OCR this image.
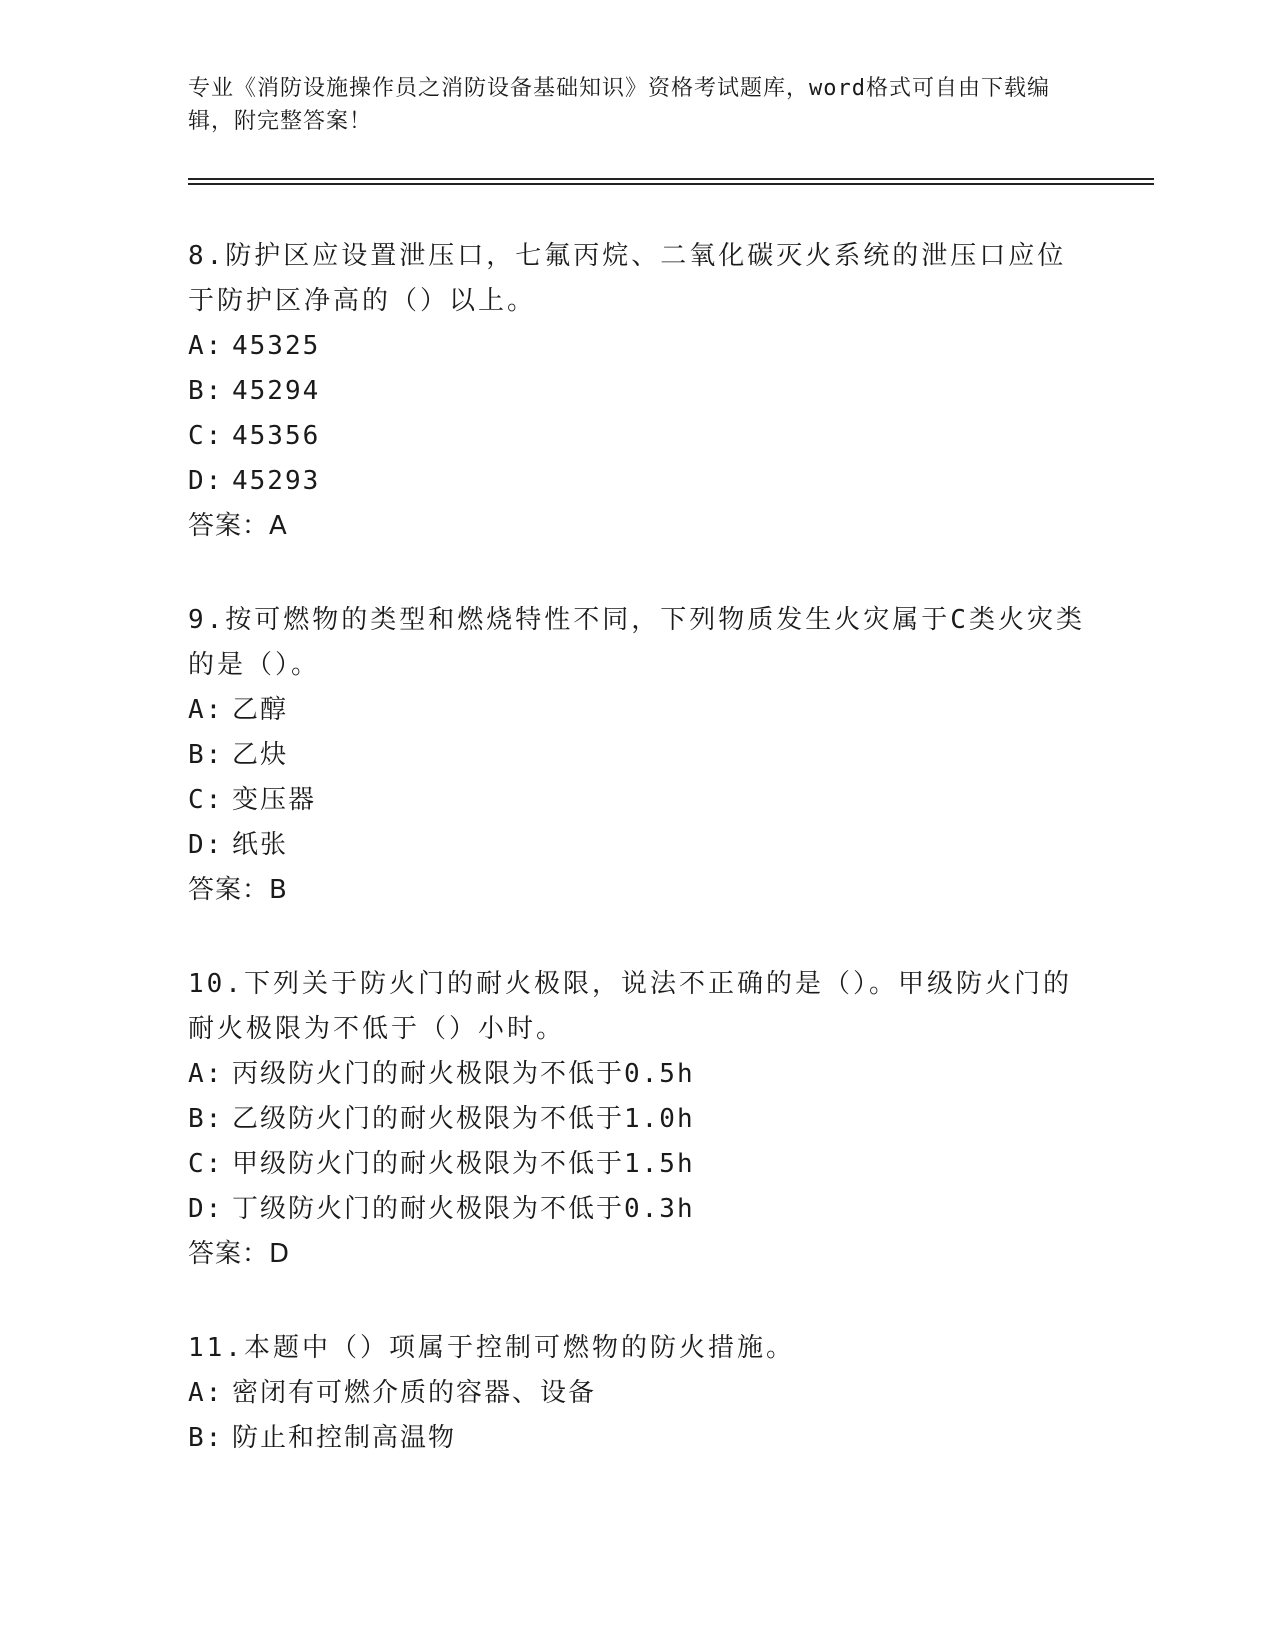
专业《消防设施操作员之消防设备基础知识》资格考试题库，word格式可自由下载编辑，附完整答案！
8.防护区应设置泄压口，七氟丙烷、二氧化碳灭火系统的泄压口应位于防护区净高的（）以上。
A: 45325
B: 45294
C: 45356
D: 45293
答案：A
9.按可燃物的类型和燃烧特性不同，下列物质发生火灾属于C类火灾类的是（）。
A: 乙醇
B: 乙炔
C: 变压器
D: 纸张
答案：B
10.下列关于防火门的耐火极限，说法不正确的是（）。甲级防火门的耐火极限为不低于（）小时。
A: 丙级防火门的耐火极限为不低于0.5h
B: 乙级防火门的耐火极限为不低于1.0h
C: 甲级防火门的耐火极限为不低于1.5h
D: 丁级防火门的耐火极限为不低于0.3h
答案：D
11.本题中（）项属于控制可燃物的防火措施。
A: 密闭有可燃介质的容器、设备
B: 防止和控制高温物
